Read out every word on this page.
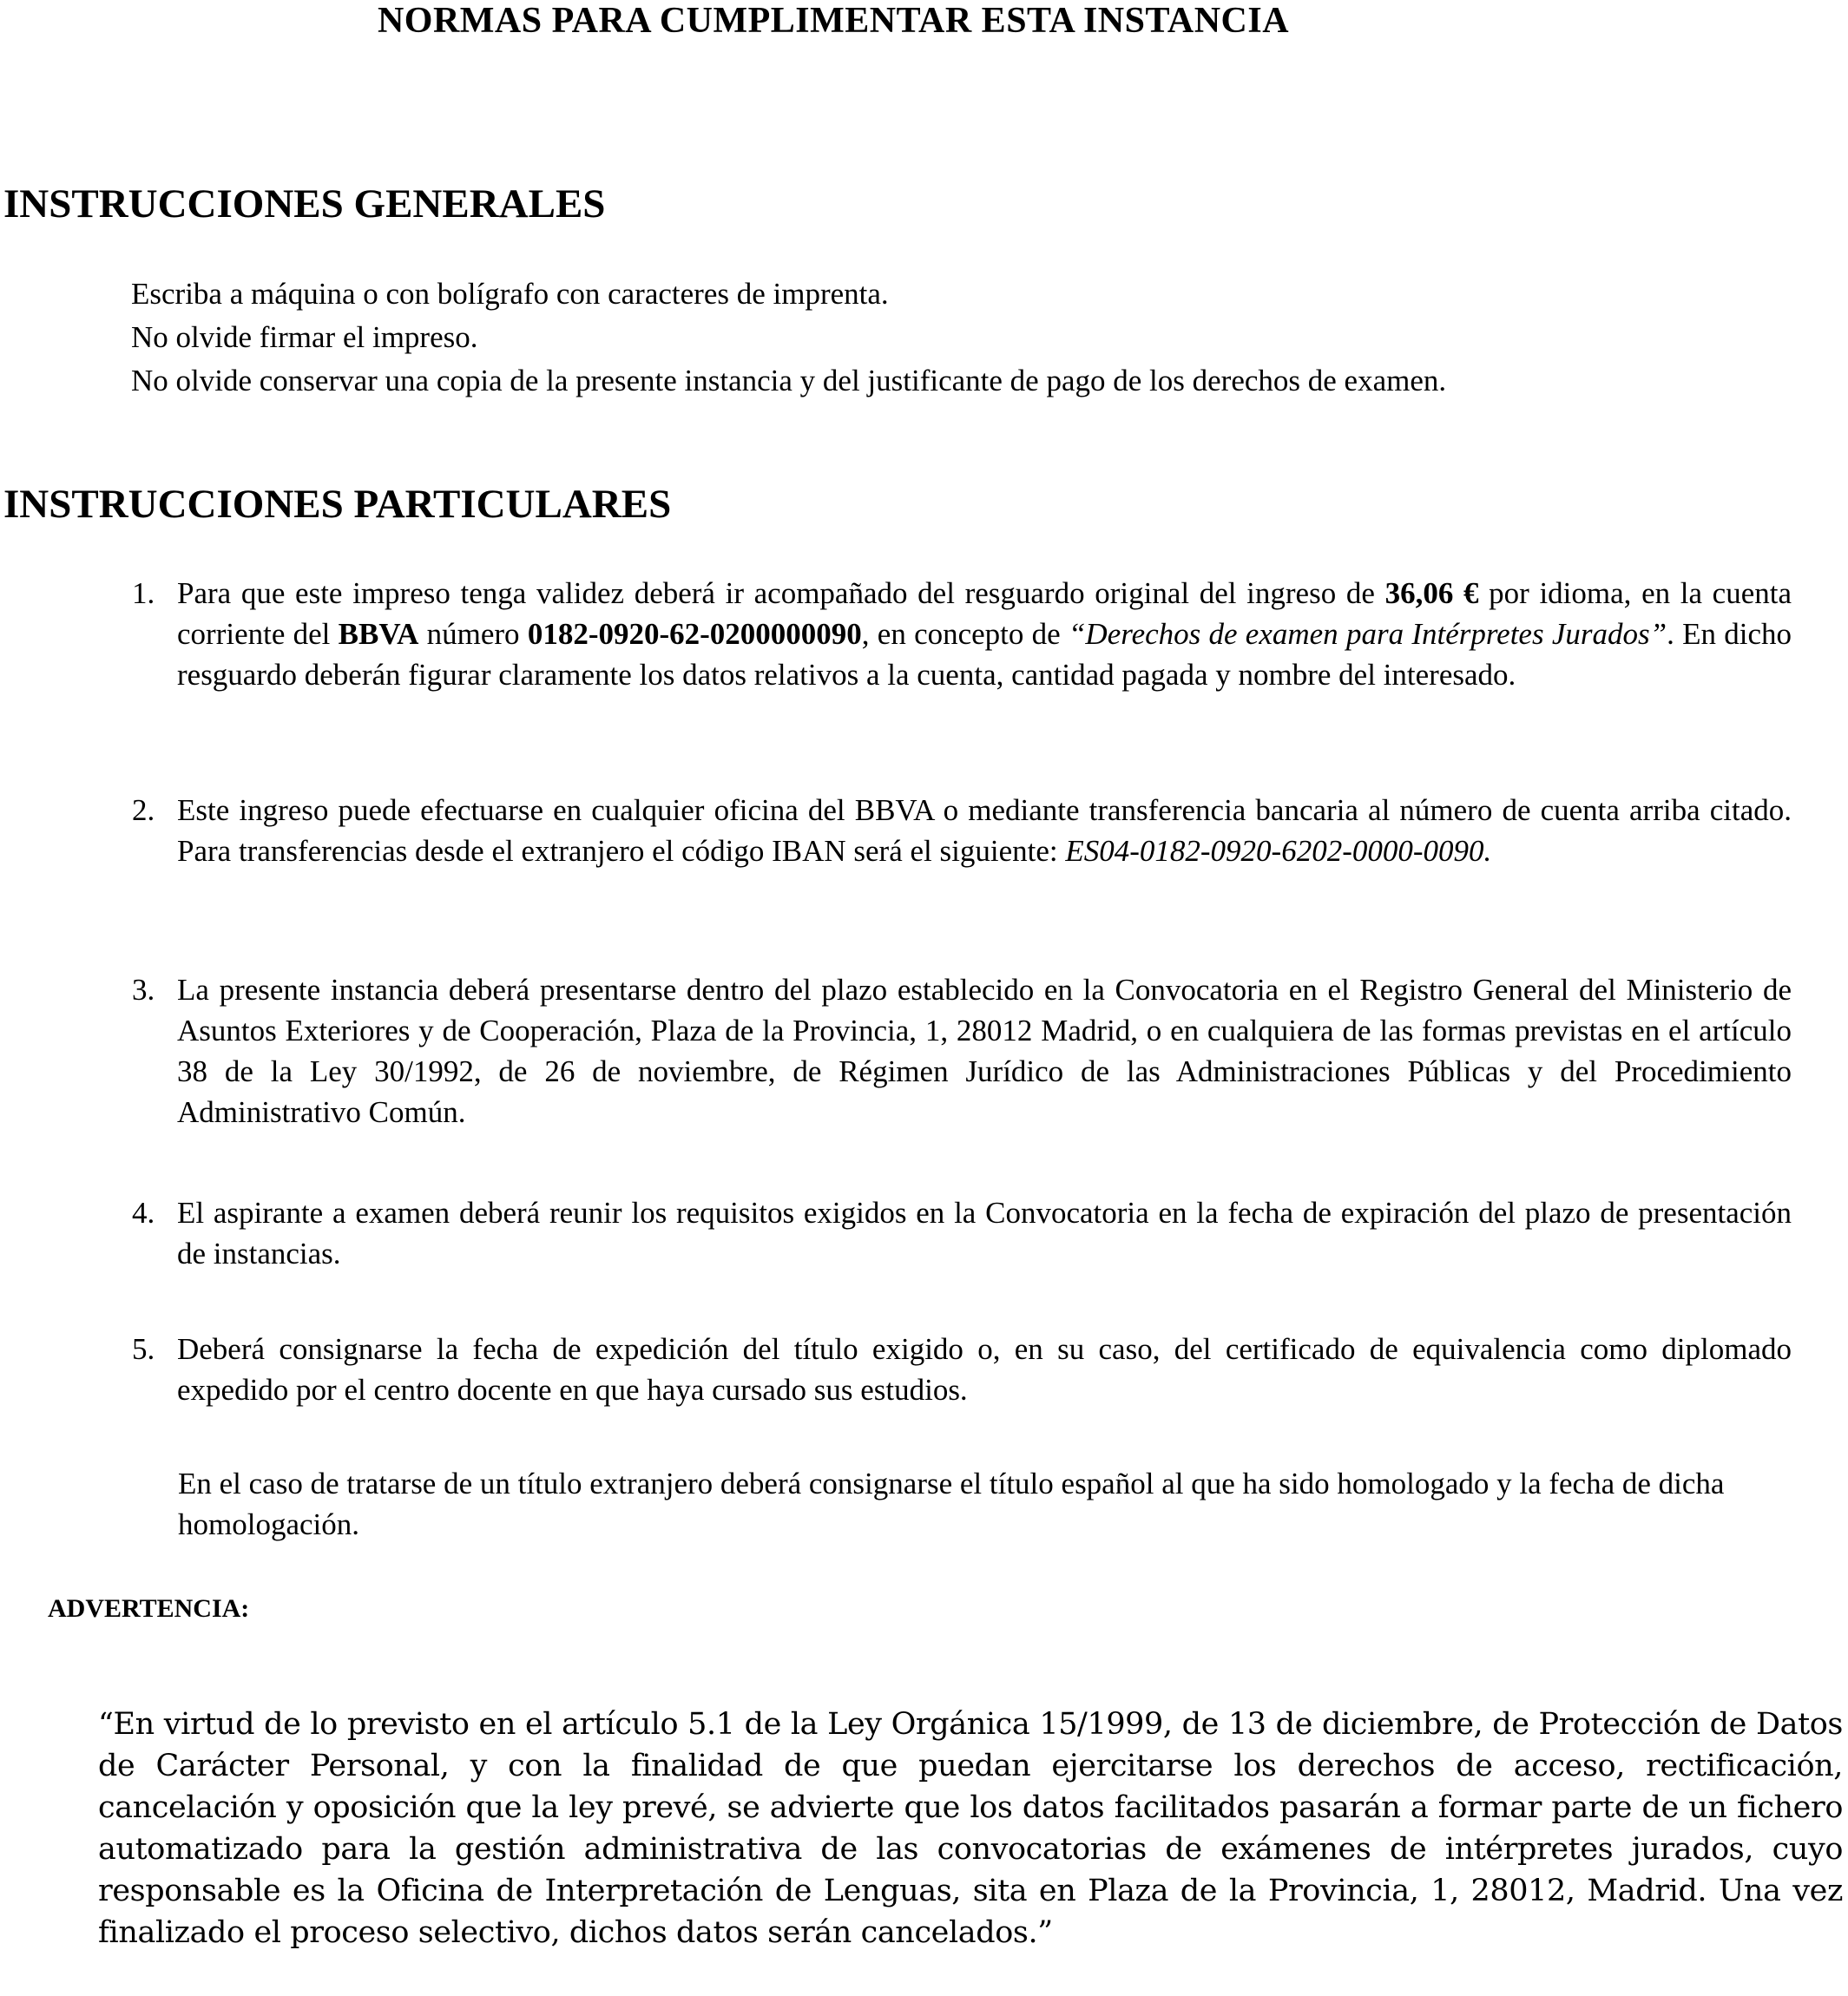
NORMAS PARA CUMPLIMENTAR ESTA INSTANCIA
INSTRUCCIONES GENERALES
Escriba a máquina o con bolígrafo con caracteres de imprenta.
No olvide firmar el impreso.
No olvide conservar una copia de la presente instancia y del justificante de pago de los derechos de examen.
INSTRUCCIONES PARTICULARES
1. Para que este impreso tenga validez deberá ir acompañado del resguardo original del ingreso de 36,06 € por idioma, en la cuenta corriente del BBVA número 0182-0920-62-0200000090, en concepto de “Derechos de examen para Intérpretes Jurados”. En dicho resguardo deberán figurar claramente los datos relativos a la cuenta, cantidad pagada y nombre del interesado.
2. Este ingreso puede efectuarse en cualquier oficina del BBVA o mediante transferencia bancaria al número de cuenta arriba citado. Para transferencias desde el extranjero el código IBAN será el siguiente: ES04-0182-0920-6202-0000-0090.
3. La presente instancia deberá presentarse dentro del plazo establecido en la Convocatoria en el Registro General del Ministerio de Asuntos Exteriores y de Cooperación, Plaza de la Provincia, 1, 28012 Madrid, o en cualquiera de las formas previstas en el artículo 38 de la Ley 30/1992, de 26 de noviembre, de Régimen Jurídico de las Administraciones Públicas y del Procedimiento Administrativo Común.
4. El aspirante a examen deberá reunir los requisitos exigidos en la Convocatoria en la fecha de expiración del plazo de presentación de instancias.
5. Deberá consignarse la fecha de expedición del título exigido o, en su caso, del certificado de equivalencia como diplomado expedido por el centro docente en que haya cursado sus estudios.
En el caso de tratarse de un título extranjero deberá consignarse el título español al que ha sido homologado y la fecha de dicha homologación.
ADVERTENCIA:
“En virtud de lo previsto en el artículo 5.1 de la Ley Orgánica 15/1999, de 13 de diciembre, de Protección de Datos de Carácter Personal, y con la finalidad de que puedan ejercitarse los derechos de acceso, rectificación, cancelación y oposición que la ley prevé, se advierte que los datos facilitados pasarán a formar parte de un fichero automatizado para la gestión administrativa de las convocatorias de exámenes de intérpretes jurados, cuyo responsable es la Oficina de Interpretación de Lenguas, sita en Plaza de la Provincia, 1, 28012, Madrid. Una vez finalizado el proceso selectivo, dichos datos serán cancelados.”
